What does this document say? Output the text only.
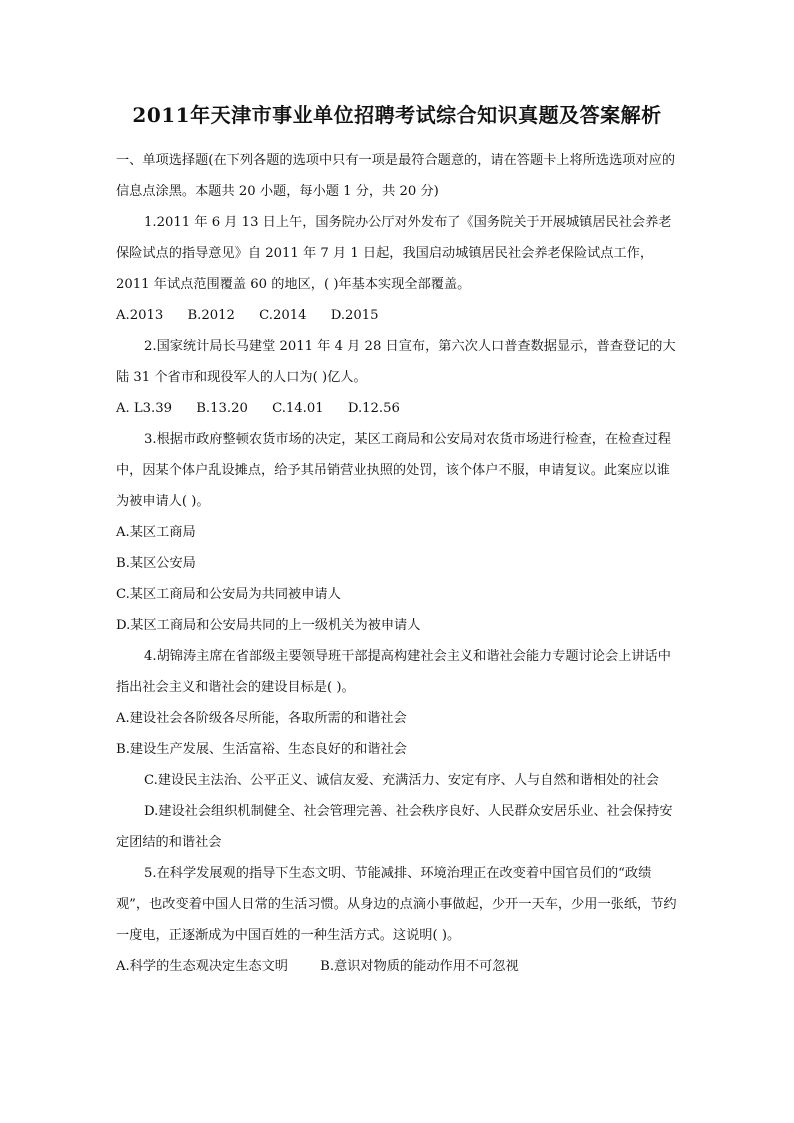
2011年天津市事业单位招聘考试综合知识真题及答案解析

一、单项选择题(在下列各题的选项中只有一项是最符合题意的，请在答题卡上将所选选项对应的信息点涂黑。本题共 20 小题，每小题 1 分，共 20 分)

1.2011 年 6 月 13 日上午，国务院办公厅对外发布了《国务院关于开展城镇居民社会养老保险试点的指导意见》自 2011 年 7 月 1 日起，我国启动城镇居民社会养老保险试点工作，2011 年试点范围覆盖 60 的地区，( )年基本实现全部覆盖。

A.2013 B.2012 C.2014 D.2015

2.国家统计局长马建堂 2011 年 4 月 28 日宣布，第六次人口普查数据显示，普查登记的大陆 31 个省市和现役军人的人口为( )亿人。

A. L3.39 B.13.20 C.14.01 D.12.56

3.根据市政府整顿农货市场的决定，某区工商局和公安局对农货市场进行检查，在检查过程中，因某个体户乱设摊点，给予其吊销营业执照的处罚，该个体户不服，申请复议。此案应以谁为被申请人( )。

A.某区工商局

B.某区公安局

C.某区工商局和公安局为共同被申请人

D.某区工商局和公安局共同的上一级机关为被申请人

4.胡锦涛主席在省部级主要领导班干部提高构建社会主义和谐社会能力专题讨论会上讲话中指出社会主义和谐社会的建设目标是( )。

A.建设社会各阶级各尽所能，各取所需的和谐社会

B.建设生产发展、生活富裕、生态良好的和谐社会

C.建设民主法治、公平正义、诚信友爱、充满活力、安定有序、人与自然和谐相处的社会

D.建设社会组织机制健全、社会管理完善、社会秩序良好、人民群众安居乐业、社会保持安定团结的和谐社会

5.在科学发展观的指导下生态文明、节能减排、环境治理正在改变着中国官员们的“政绩观”，也改变着中国人日常的生活习惯。从身边的点滴小事做起，少开一天车，少用一张纸，节约一度电，正逐渐成为中国百姓的一种生活方式。这说明( )。

A.科学的生态观决定生态文明 B.意识对物质的能动作用不可忽视
